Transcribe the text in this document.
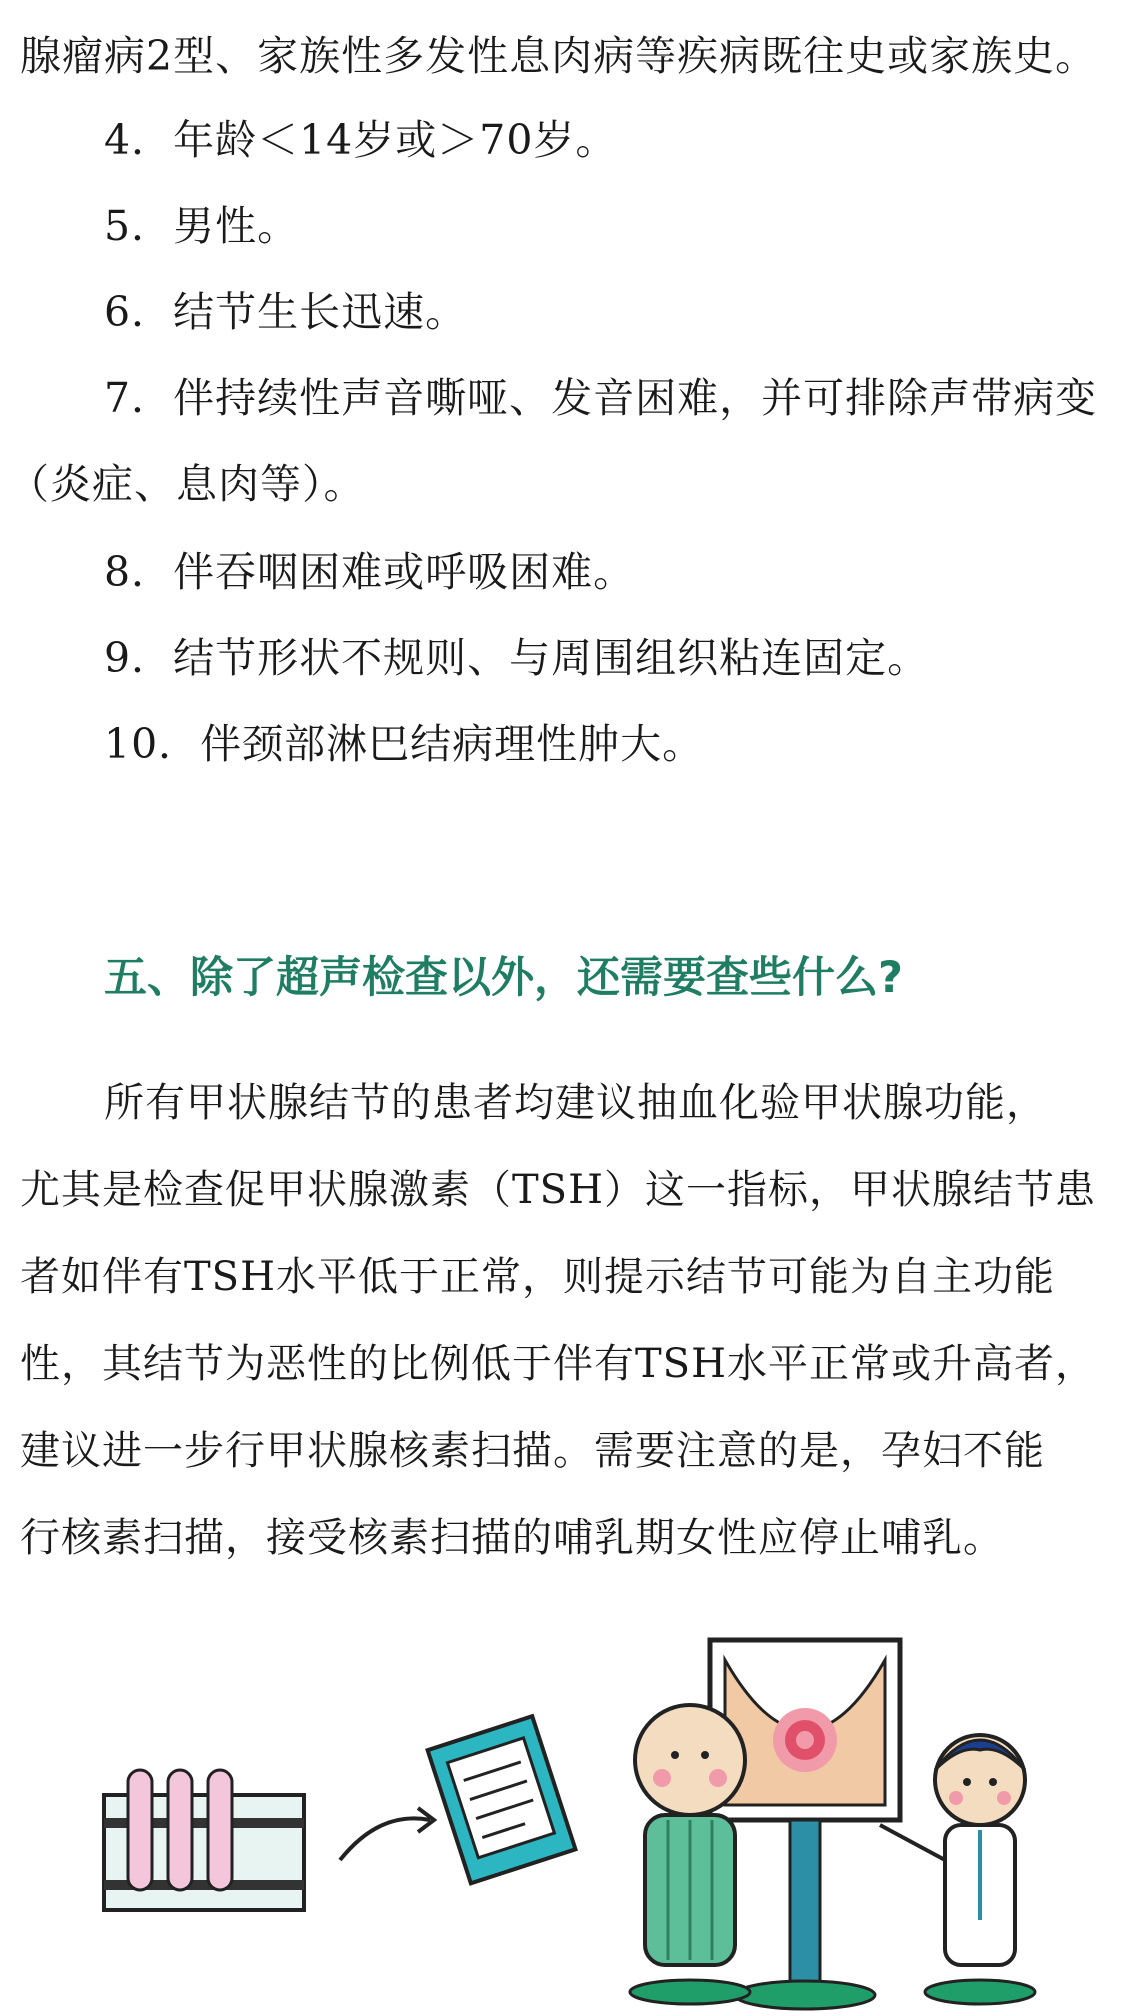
腺瘤病2型、家族性多发性息肉病等疾病既往史或家族史。
4．年龄＜14岁或＞70岁。
5．男性。
6．结节生长迅速。
7．伴持续性声音嘶哑、发音困难，并可排除声带病变
（炎症、息肉等）。
8．伴吞咽困难或呼吸困难。
9．结节形状不规则、与周围组织粘连固定。
10．伴颈部淋巴结病理性肿大。
五、除了超声检查以外，还需要查些什么?
所有甲状腺结节的患者均建议抽血化验甲状腺功能，
尤其是检查促甲状腺激素（TSH）这一指标，甲状腺结节患
者如伴有TSH水平低于正常，则提示结节可能为自主功能
性，其结节为恶性的比例低于伴有TSH水平正常或升高者，
建议进一步行甲状腺核素扫描。需要注意的是，孕妇不能
行核素扫描，接受核素扫描的哺乳期女性应停止哺乳。
